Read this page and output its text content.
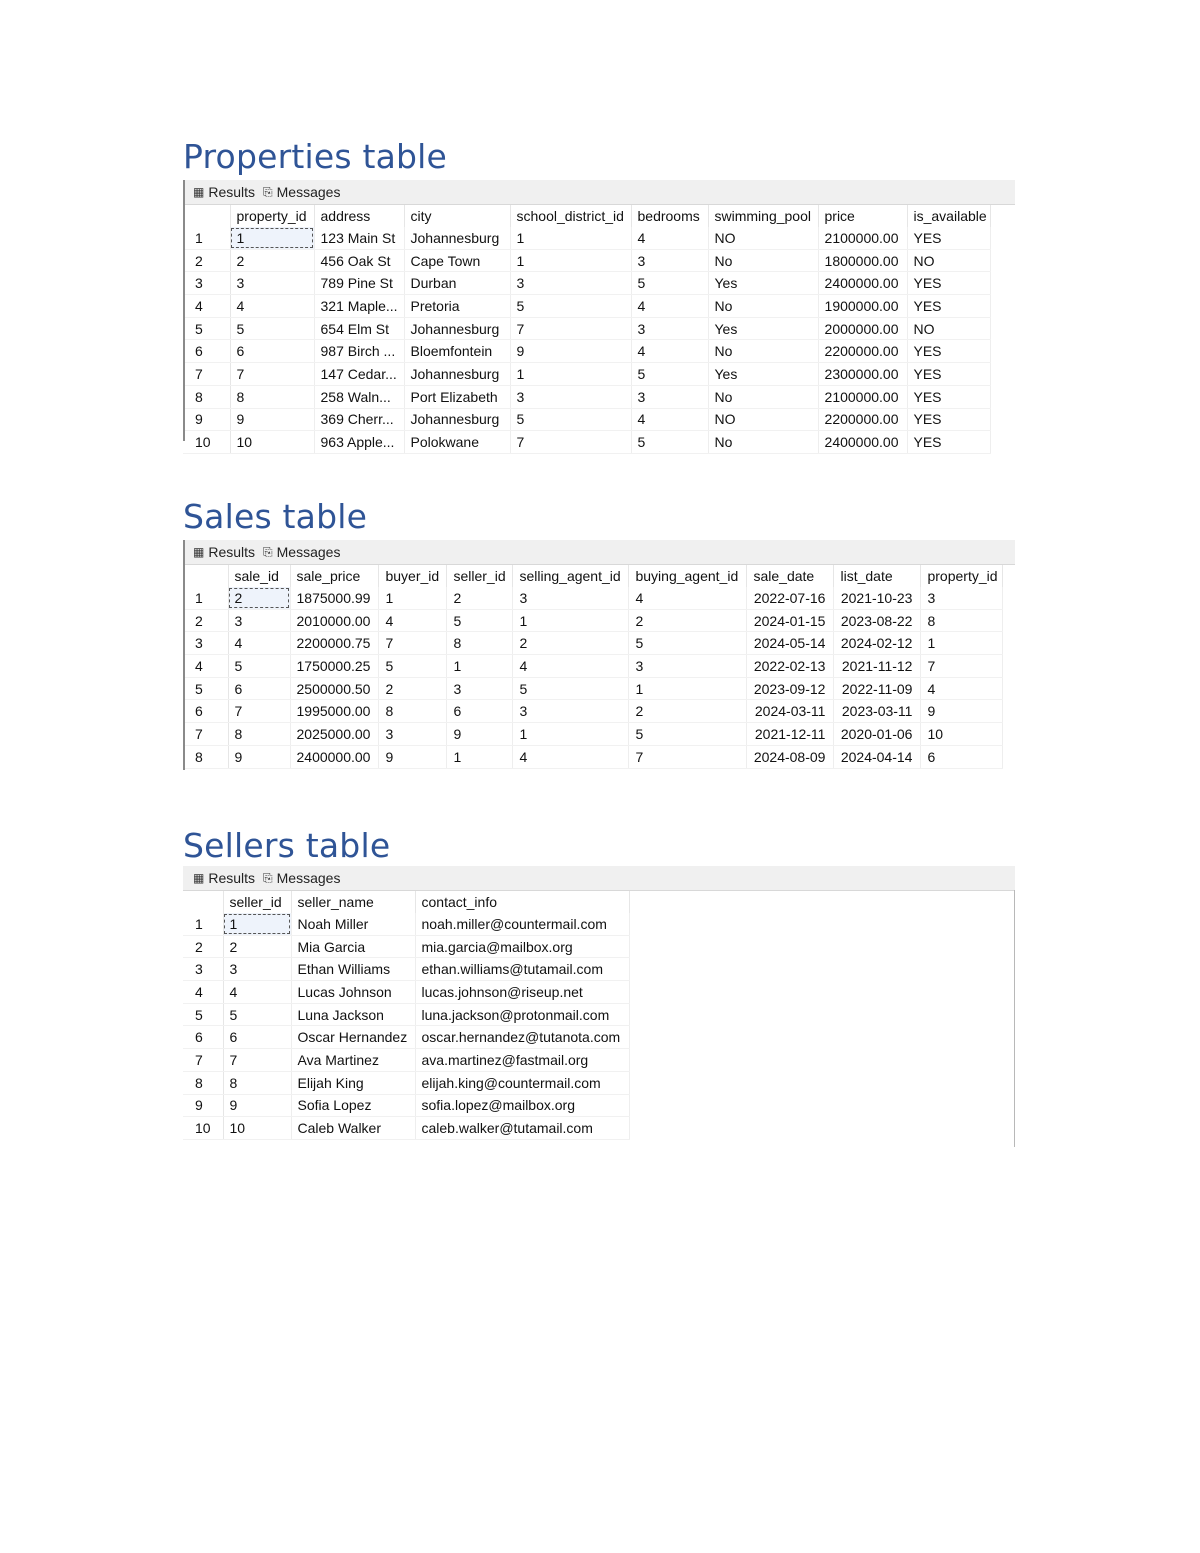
Properties table
▦ Results ⎘ Messages
	property_id	address	city	school_district_id	bedrooms	swimming_pool	price	is_available
1	1	123 Main St	Johannesburg	1	4	NO	2100000.00	YES
2	2	456 Oak St	Cape Town	1	3	No	1800000.00	NO
3	3	789 Pine St	Durban	3	5	Yes	2400000.00	YES
4	4	321 Maple...	Pretoria	5	4	No	1900000.00	YES
5	5	654 Elm St	Johannesburg	7	3	Yes	2000000.00	NO
6	6	987 Birch ...	Bloemfontein	9	4	No	2200000.00	YES
7	7	147 Cedar...	Johannesburg	1	5	Yes	2300000.00	YES
8	8	258 Waln...	Port Elizabeth	3	3	No	2100000.00	YES
9	9	369 Cherr...	Johannesburg	5	4	NO	2200000.00	YES
10	10	963 Apple...	Polokwane	7	5	No	2400000.00	YES
Sales table
▦ Results ⎘ Messages
	sale_id	sale_price	buyer_id	seller_id	selling_agent_id	buying_agent_id	sale_date	list_date	property_id
1	2	1875000.99	1	2	3	4	2022-07-16	2021-10-23	3
2	3	2010000.00	4	5	1	2	2024-01-15	2023-08-22	8
3	4	2200000.75	7	8	2	5	2024-05-14	2024-02-12	1
4	5	1750000.25	5	1	4	3	2022-02-13	2021-11-12	7
5	6	2500000.50	2	3	5	1	2023-09-12	2022-11-09	4
6	7	1995000.00	8	6	3	2	2024-03-11	2023-03-11	9
7	8	2025000.00	3	9	1	5	2021-12-11	2020-01-06	10
8	9	2400000.00	9	1	4	7	2024-08-09	2024-04-14	6
Sellers table
▦ Results ⎘ Messages
	seller_id	seller_name	contact_info
1	1	Noah Miller	noah.miller@countermail.com
2	2	Mia Garcia	mia.garcia@mailbox.org
3	3	Ethan Williams	ethan.williams@tutamail.com
4	4	Lucas Johnson	lucas.johnson@riseup.net
5	5	Luna Jackson	luna.jackson@protonmail.com
6	6	Oscar Hernandez	oscar.hernandez@tutanota.com
7	7	Ava Martinez	ava.martinez@fastmail.org
8	8	Elijah King	elijah.king@countermail.com
9	9	Sofia Lopez	sofia.lopez@mailbox.org
10	10	Caleb Walker	caleb.walker@tutamail.com
